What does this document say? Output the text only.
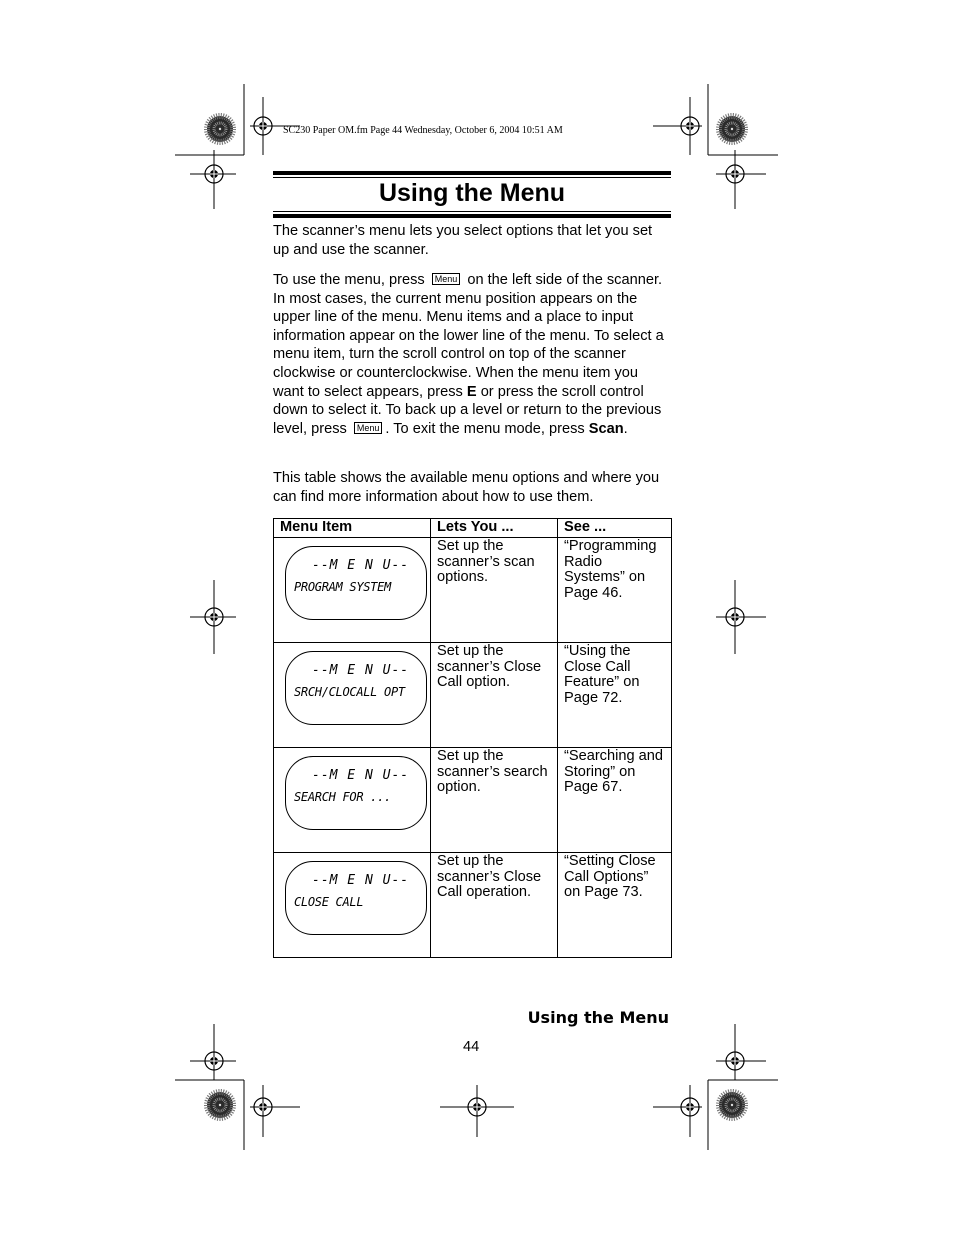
SC230 Paper OM.fm Page 44 Wednesday, October 6, 2004 10:51 AM
Using the Menu

The scanner’s menu lets you select options that let you set up and use the scanner.

To use the menu, press Menu on the left side of the scanner. In most cases, the current menu position appears on the upper line of the menu. Menu items and a place to input information appear on the lower line of the menu. To select a menu item, turn the scroll control on top of the scanner clockwise or counterclockwise. When the menu item you want to select appears, press E or press the scroll control down to select it. To back up a level or return to the previous level, press Menu . To exit the menu mode, press Scan.

This table shows the available menu options and where you can find more information about how to use them.

Menu Item	Lets You ...	See ...

--M E N U--
PROGRAM SYSTEM	Set up the scanner’s scan options.	“Programming Radio Systems” on Page 46.

--M E N U--
SRCH/CLOCALL OPT	Set up the scanner’s Close Call option.	“Using the Close Call Feature” on Page 72.

--M E N U--
SEARCH FOR ...	Set up the scanner’s search option.	“Searching and Storing” on Page 67.

--M E N U--
CLOSE CALL	Set up the scanner’s Close Call operation.	“Setting Close Call Options” on Page 73.
Using the Menu
44
